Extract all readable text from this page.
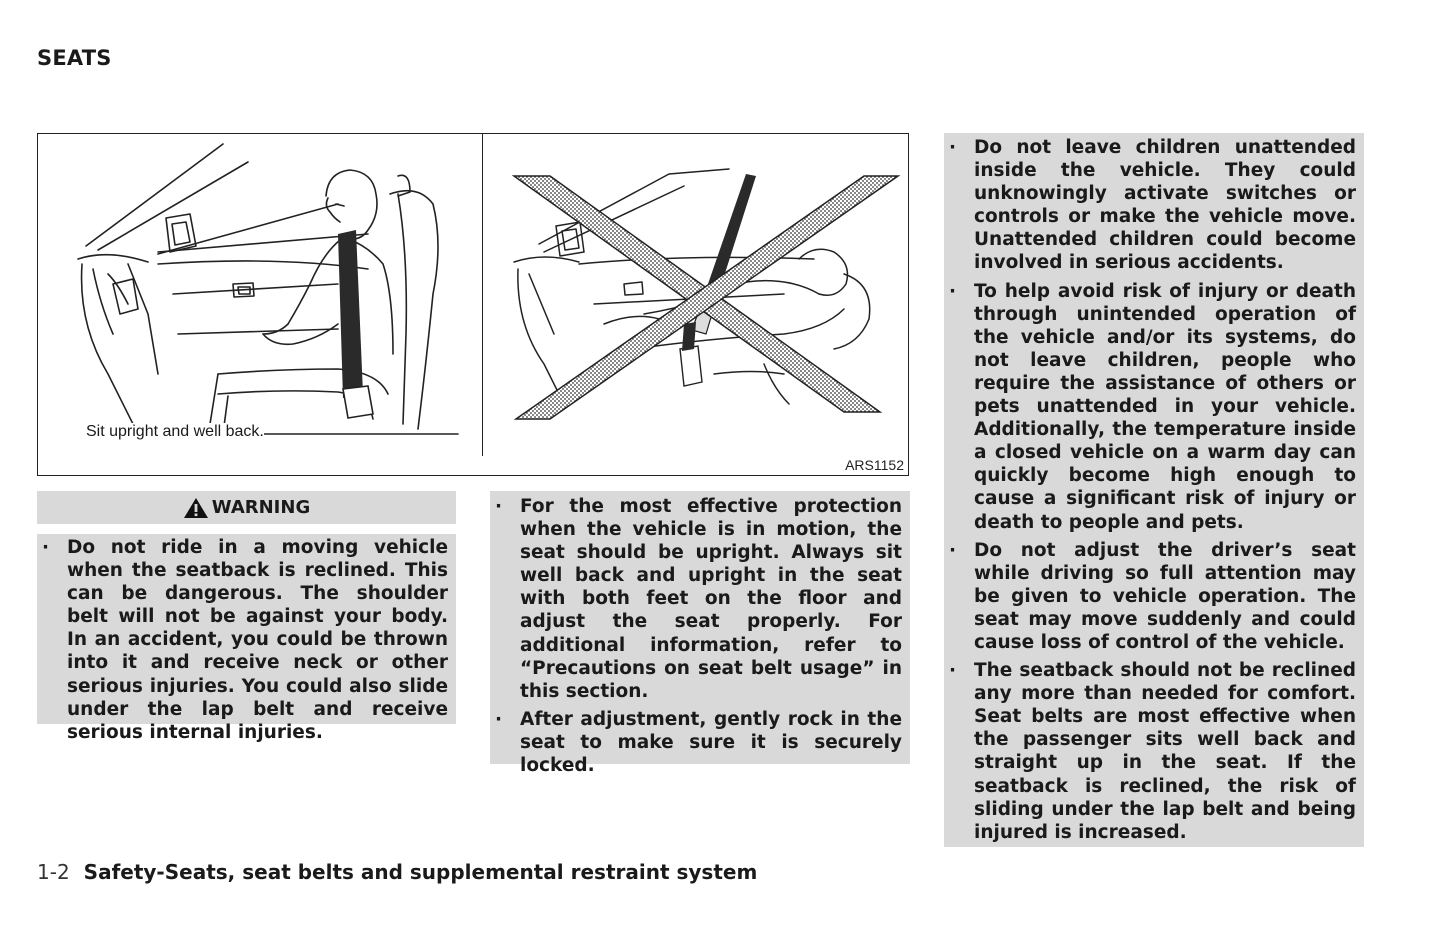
SEATS
Sit upright and well back.
ARS1152
WARNING
· Do not ride in a moving vehicle when the seatback is reclined. This can be dangerous. The shoulder belt will not be against your body. In an accident, you could be thrown into it and receive neck or other serious injuries. You could also slide under the lap belt and receive serious internal injuries.
· For the most effective protection when the vehicle is in motion, the seat should be upright. Always sit well back and upright in the seat with both feet on the floor and adjust the seat properly. For additional information, refer to “Precautions on seat belt usage” in this section.
· After adjustment, gently rock in the seat to make sure it is securely locked.
· Do not leave children unattended inside the vehicle. They could unknowingly activate switches or controls or make the vehicle move. Unattended children could become involved in serious accidents.
· To help avoid risk of injury or death through unintended operation of the vehicle and/or its systems, do not leave children, people who require the assistance of others or pets unattended in your vehicle. Additionally, the temperature inside a closed vehicle on a warm day can quickly become high enough to cause a significant risk of injury or death to people and pets.
· Do not adjust the driver’s seat while driving so full attention may be given to vehicle operation. The seat may move suddenly and could cause loss of control of the vehicle.
· The seatback should not be reclined any more than needed for comfort. Seat belts are most effective when the passenger sits well back and straight up in the seat. If the seatback is reclined, the risk of sliding under the lap belt and being injured is increased.
1-2 Safety-Seats, seat belts and supplemental restraint system
